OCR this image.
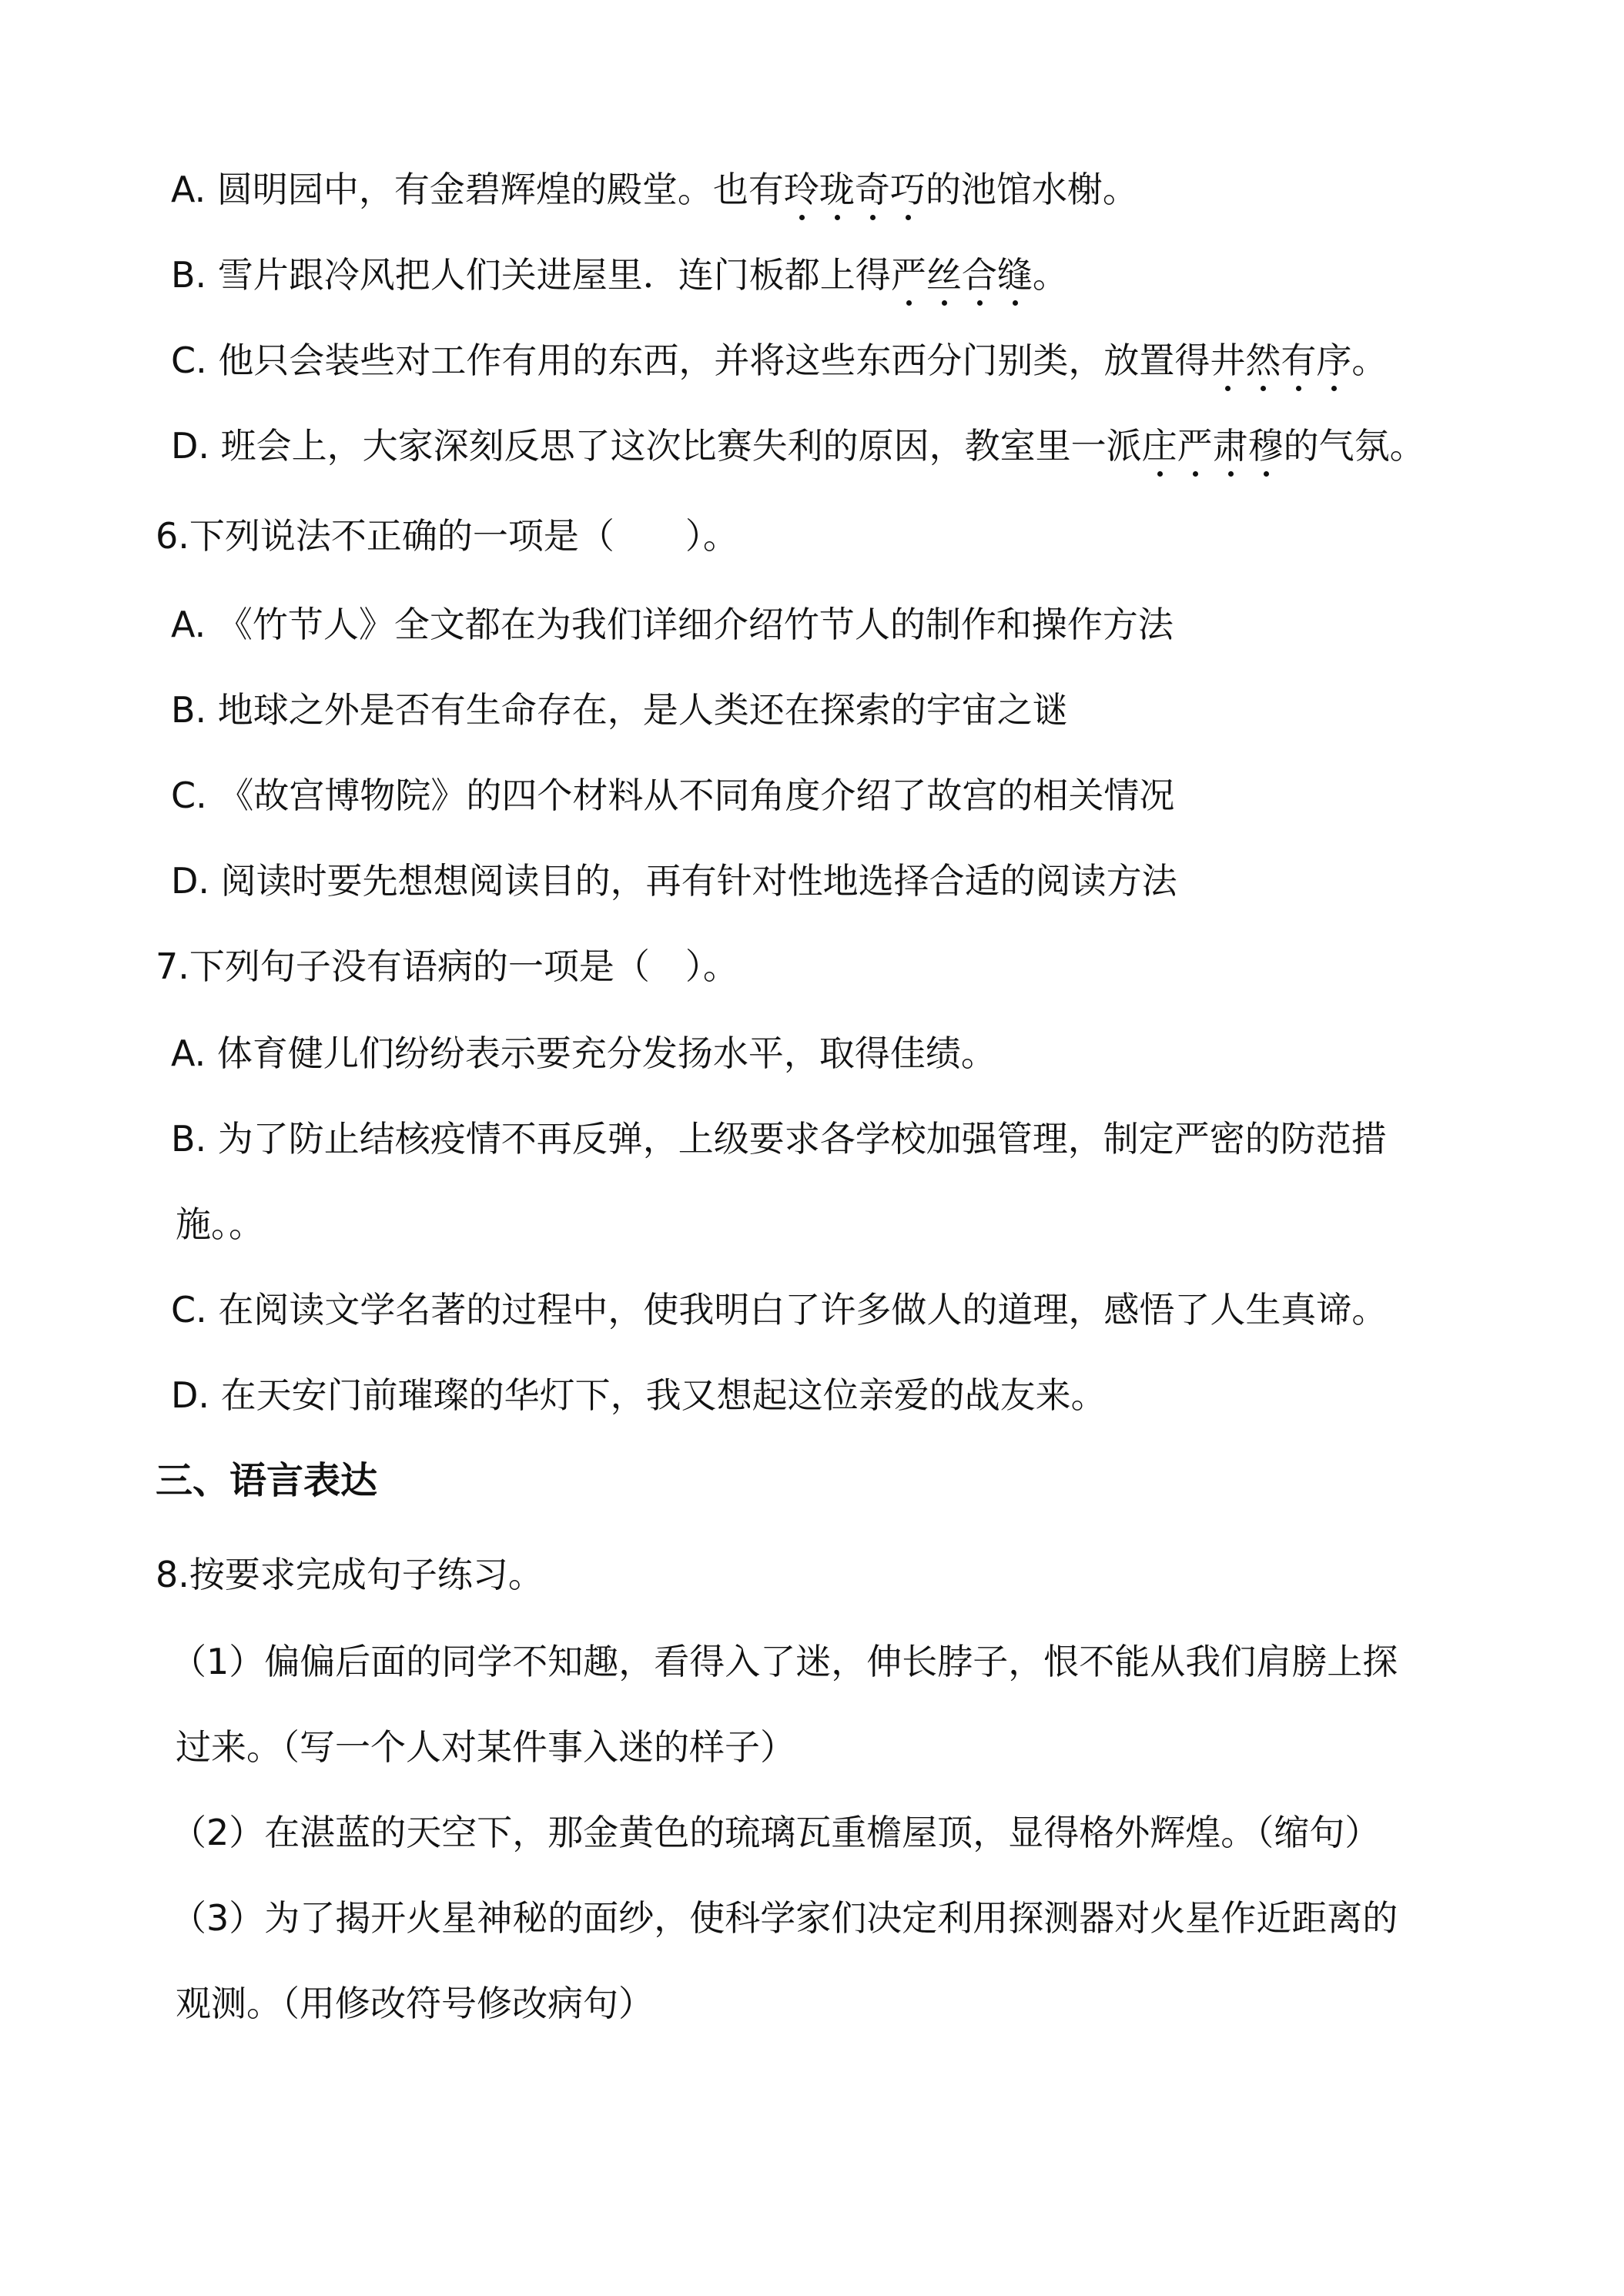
A. 圆明园中，有金碧辉煌的殿堂。也有玲珑奇巧的池馆水榭。
B. 雪片跟冷风把人们关进屋里．连门板都上得严丝合缝。
C. 他只会装些对工作有用的东西，并将这些东西分门别类，放置得井然有序。
D. 班会上，大家深刻反思了这次比赛失利的原因，教室里一派庄严肃穆的气氛。
6.下列说法不正确的一项是（　　）。
A. 《竹节人》全文都在为我们详细介绍竹节人的制作和操作方法
B. 地球之外是否有生命存在，是人类还在探索的宇宙之谜
C. 《故宫博物院》的四个材料从不同角度介绍了故宫的相关情况
D. 阅读时要先想想阅读目的，再有针对性地选择合适的阅读方法
7.下列句子没有语病的一项是（　）。
A. 体育健儿们纷纷表示要充分发扬水平，取得佳绩。
B. 为了防止结核疫情不再反弹，上级要求各学校加强管理，制定严密的防范措
施。。
C. 在阅读文学名著的过程中，使我明白了许多做人的道理，感悟了人生真谛。
D. 在天安门前璀璨的华灯下，我又想起这位亲爱的战友来。
三、语言表达
8.按要求完成句子练习。
（1）偏偏后面的同学不知趣，看得入了迷，伸长脖子，恨不能从我们肩膀上探
过来。（写一个人对某件事入迷的样子）
（2）在湛蓝的天空下，那金黄色的琉璃瓦重檐屋顶，显得格外辉煌。（缩句）
（3）为了揭开火星神秘的面纱，使科学家们决定利用探测器对火星作近距离的
观测。（用修改符号修改病句）
